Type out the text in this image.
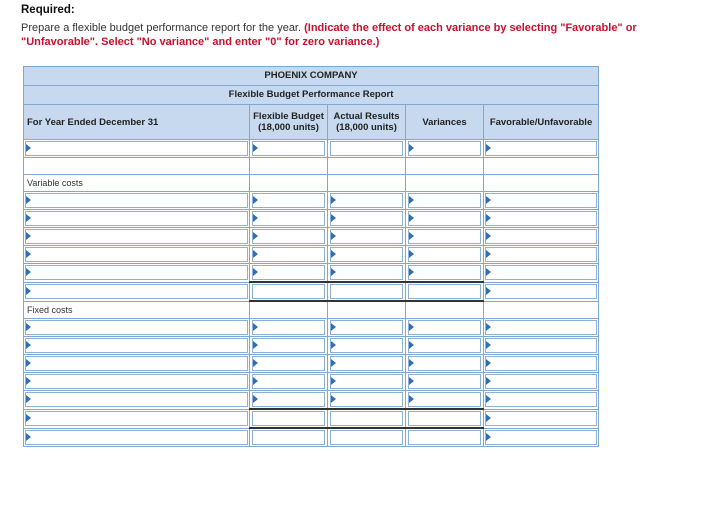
Required:
Prepare a flexible budget performance report for the year. (Indicate the effect of each variance by selecting "Favorable" or "Unfavorable". Select "No variance" and enter "0" for zero variance.)
PHOENIX COMPANY				

Flexible Budget Performance Report				

For Year Ended December 31	Flexible Budget (18,000 units)	Actual Results (18,000 units)	Variances	Favorable/Unfavorable

Variable costs				

Fixed costs				
